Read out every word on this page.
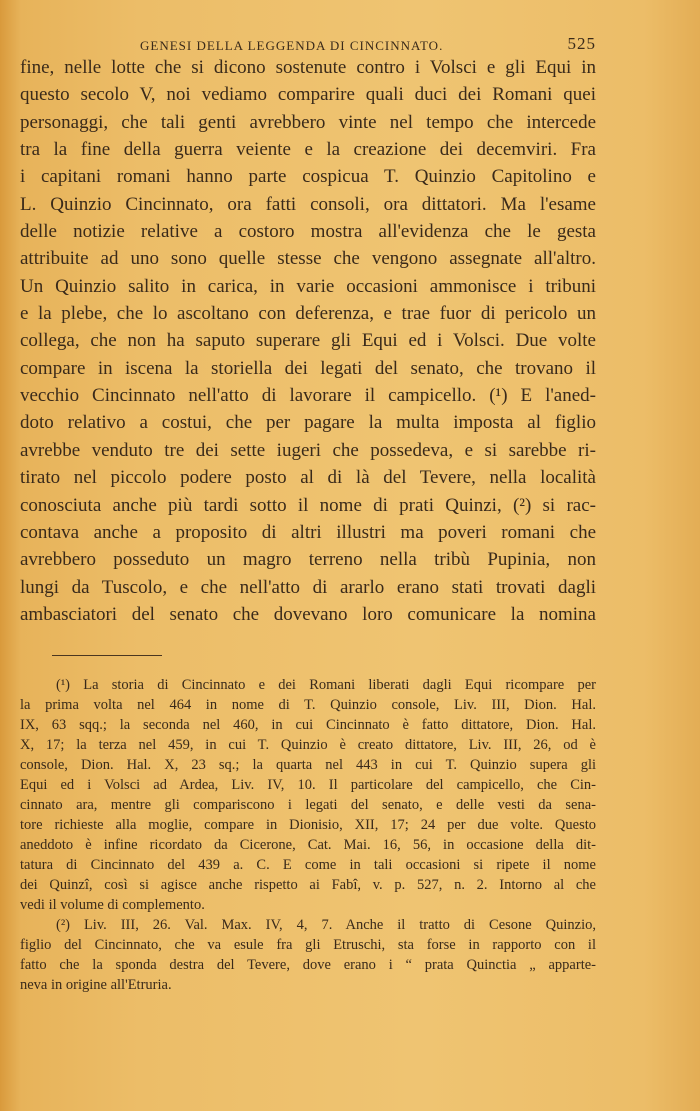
GENESI DELLA LEGGENDA DI CINCINNATO.	525
fine, nelle lotte che si dicono sostenute contro i Volsci e gli Equi in
questo secolo V, noi vediamo comparire quali duci dei Romani quei
personaggi, che tali genti avrebbero vinte nel tempo che intercede
tra la fine della guerra veiente e la creazione dei decemviri. Fra
i capitani romani hanno parte cospicua T. Quinzio Capitolino e
L. Quinzio Cincinnato, ora fatti consoli, ora dittatori. Ma l'esame
delle notizie relative a costoro mostra all'evidenza che le gesta
attribuite ad uno sono quelle stesse che vengono assegnate all'altro.
Un Quinzio salito in carica, in varie occasioni ammonisce i tribuni
e la plebe, che lo ascoltano con deferenza, e trae fuor di pericolo un
collega, che non ha saputo superare gli Equi ed i Volsci. Due volte
compare in iscena la storiella dei legati del senato, che trovano il
vecchio Cincinnato nell'atto di lavorare il campicello. (¹) E l'aned-
doto relativo a costui, che per pagare la multa imposta al figlio
avrebbe venduto tre dei sette iugeri che possedeva, e si sarebbe ri-
tirato nel piccolo podere posto al di là del Tevere, nella località
conosciuta anche più tardi sotto il nome di prati Quinzi, (²) si rac-
contava anche a proposito di altri illustri ma poveri romani che
avrebbero posseduto un magro terreno nella tribù Pupinia, non
lungi da Tuscolo, e che nell'atto di ararlo erano stati trovati dagli
ambasciatori del senato che dovevano loro comunicare la nomina
(¹) La storia di Cincinnato e dei Romani liberati dagli Equi ricompare per
la prima volta nel 464 in nome di T. Quinzio console, Liv. III, Dion. Hal.
IX, 63 sqq.; la seconda nel 460, in cui Cincinnato è fatto dittatore, Dion. Hal.
X, 17; la terza nel 459, in cui T. Quinzio è creato dittatore, Liv. III, 26, od è
console, Dion. Hal. X, 23 sq.; la quarta nel 443 in cui T. Quinzio supera gli
Equi ed i Volsci ad Ardea, Liv. IV, 10. Il particolare del campicello, che Cin-
cinnato ara, mentre gli compariscono i legati del senato, e delle vesti da sena-
tore richieste alla moglie, compare in Dionisio, XII, 17; 24 per due volte. Questo
aneddoto è infine ricordato da Cicerone, Cat. Mai. 16, 56, in occasione della dit-
tatura di Cincinnato del 439 a. C. E come in tali occasioni si ripete il nome
dei Quinzî, così si agisce anche rispetto ai Fabî, v. p. 527, n. 2. Intorno al che
vedi il volume di complemento.
(²) Liv. III, 26. Val. Max. IV, 4, 7. Anche il tratto di Cesone Quinzio,
figlio del Cincinnato, che va esule fra gli Etruschi, sta forse in rapporto con il
fatto che la sponda destra del Tevere, dove erano i “ prata Quinctia „ apparte-
neva in origine all'Etruria.
